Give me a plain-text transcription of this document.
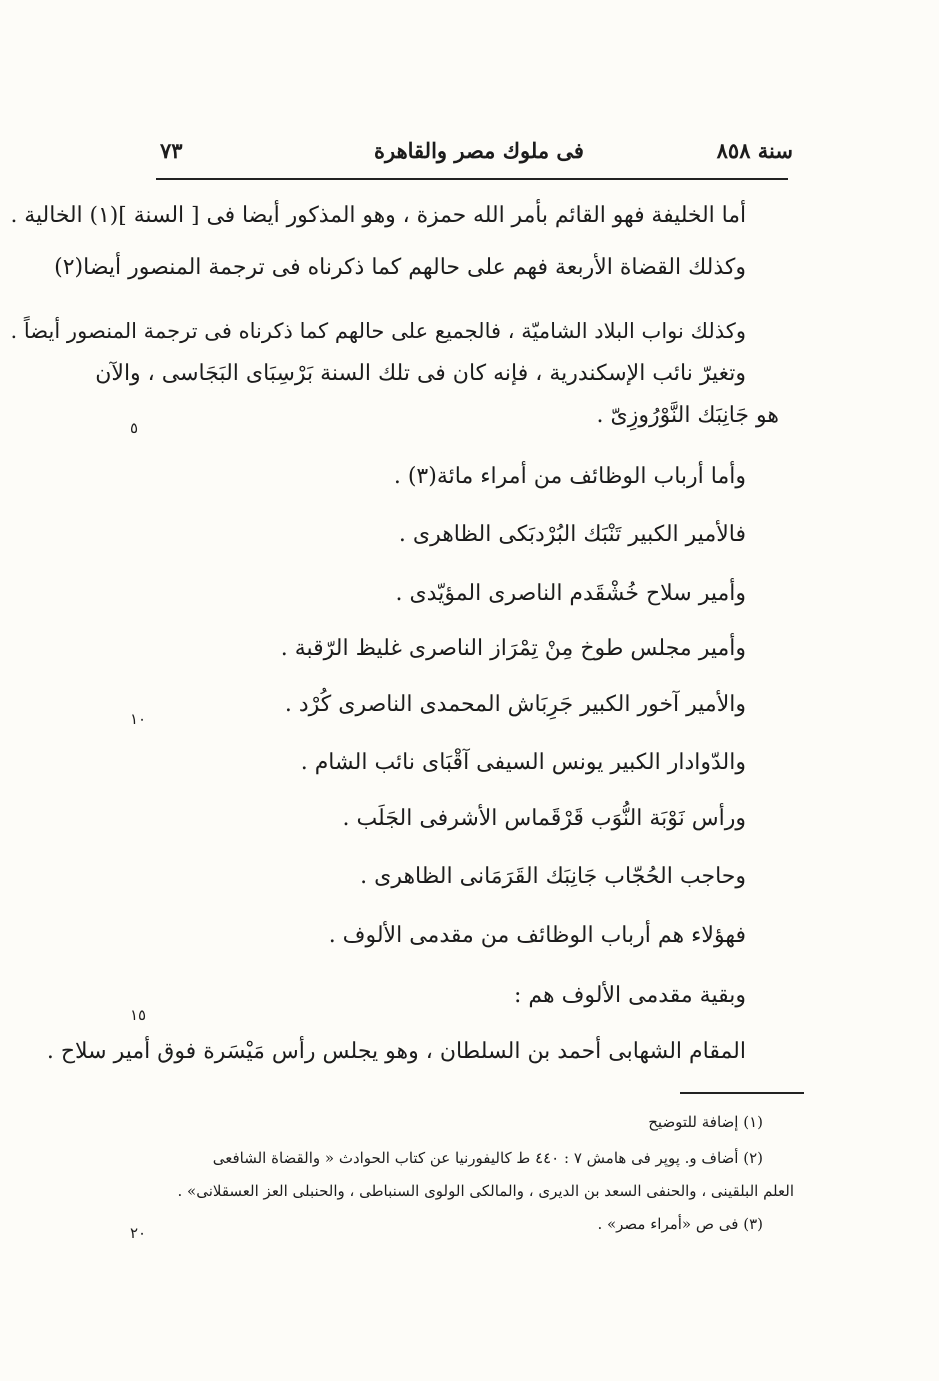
سنة ٨٥٨
فى ملوك مصر والقاهرة
٧٣
أما الخليفة فهو القائم بأمر الله حمزة ، وهو المذكور أيضا فى [ السنة ](١) الخالية .
وكذلك القضاة الأربعة فهم على حالهم كما ذكرناه فى ترجمة المنصور أيضا(٢)
وكذلك نواب البلاد الشاميّة ، فالجميع على حالهم كما ذكرناه فى ترجمة المنصور أيضاً .
وتغيرّ نائب الإسكندرية ، فإنه كان فى تلك السنة بَرْسِبَاى البَجَاسى ، والآن
هو جَانِبَك النَّوْرُوزِىّ .
وأما أرباب الوظائف من أمراء مائة(٣) .
فالأمير الكبير تَنْبَك البُرْدبَكى الظاهرى .
وأمير سلاح خُشْقَدم الناصرى المؤيّدى .
وأمير مجلس طوخ مِنْ تِمْرَاز الناصرى غليظ الرّقبة .
والأمير آخور الكبير جَرِبَاش المحمدى الناصرى كُرْد .
والدّوادار الكبير يونس السيفى آقْبَاى نائب الشام .
ورأس نَوْبَة النُّوَب قَرْقَماس الأشرفى الجَلَب .
وحاجب الحُجّاب جَانِبَك القَرَمَانى الظاهرى .
فهؤلاء هم أرباب الوظائف من مقدمى الألوف .
وبقية مقدمى الألوف هم :
المقام الشهابى أحمد بن السلطان ، وهو يجلس رأس مَيْسَرة فوق أمير سلاح .
٥
١٠
١٥
٢٠
(١) إضافة للتوضيح
(٢) أضاف و. پوپر فى هامش ٧ : ٤٤٠ ط كاليفورنيا عن كتاب الحوادث « والقضاة الشافعى
العلم البلقينى ، والحنفى السعد بن الديرى ، والمالكى الولوى السنباطى ، والحنبلى العز العسقلانى» .
(٣) فى ص «أمراء مصر» .
